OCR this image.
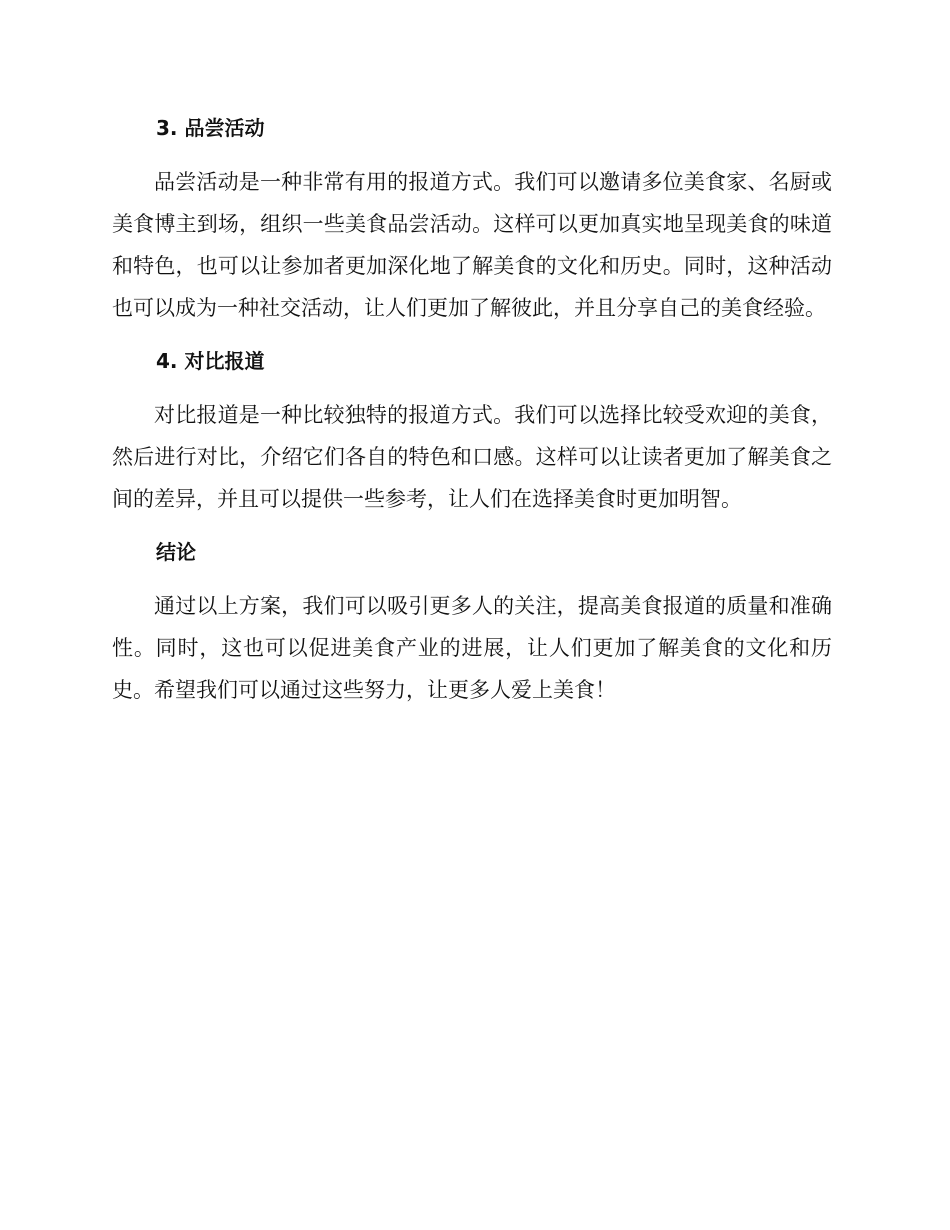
3. 品尝活动

品尝活动是一种非常有用的报道方式。我们可以邀请多位美食家、名厨或美食博主到场，组织一些美食品尝活动。这样可以更加真实地呈现美食的味道和特色，也可以让参加者更加深化地了解美食的文化和历史。同时，这种活动也可以成为一种社交活动，让人们更加了解彼此，并且分享自己的美食经验。

4. 对比报道

对比报道是一种比较独特的报道方式。我们可以选择比较受欢迎的美食，然后进行对比，介绍它们各自的特色和口感。这样可以让读者更加了解美食之间的差异，并且可以提供一些参考，让人们在选择美食时更加明智。

结论

通过以上方案，我们可以吸引更多人的关注，提高美食报道的质量和准确性。同时，这也可以促进美食产业的进展，让人们更加了解美食的文化和历史。希望我们可以通过这些努力，让更多人爱上美食！
